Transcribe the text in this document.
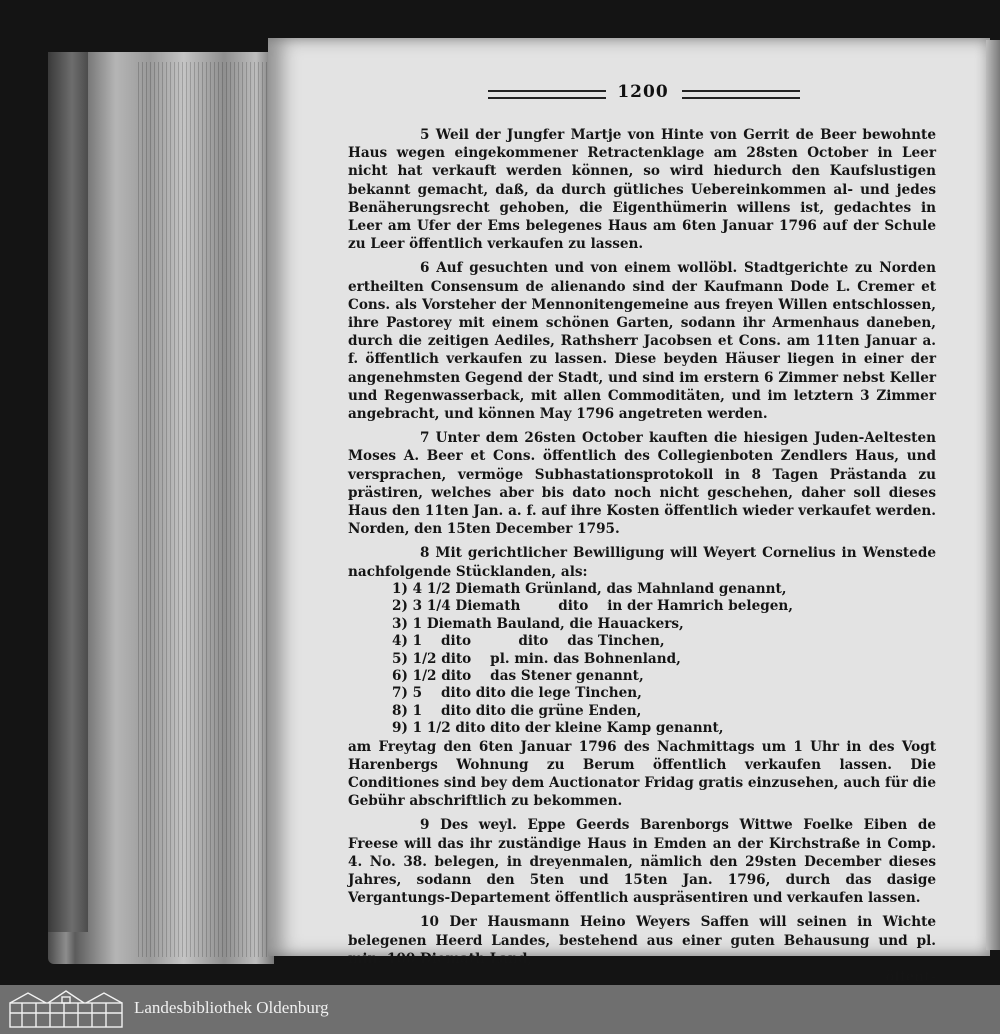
1200

5 Weil der Jungfer Martje von Hinte von Gerrit de Beer bewohnte Haus wegen eingekommener Retractenklage am 28sten October in Leer nicht hat verkauft werden können, so wird hiedurch den Kaufslustigen bekannt gemacht, daß, da durch gütliches Uebereinkommen al- und jedes Benäherungsrecht gehoben, die Eigenthümerin willens ist, gedachtes in Leer am Ufer der Ems belegenes Haus am 6ten Januar 1796 auf der Schule zu Leer öffentlich verkaufen zu lassen.

6 Auf gesuchten und von einem wollöbl. Stadtgerichte zu Norden ertheilten Consensum de alienando sind der Kaufmann Dode L. Cremer et Cons. als Vorsteher der Mennonitengemeine aus freyen Willen entschlossen, ihre Pastorey mit einem schönen Garten, sodann ihr Armenhaus daneben, durch die zeitigen Aediles, Rathsherr Jacobsen et Cons. am 11ten Januar a. f. öffentlich verkaufen zu lassen. Diese beyden Häuser liegen in einer der angenehmsten Gegend der Stadt, und sind im erstern 6 Zimmer nebst Keller und Regenwasserback, mit allen Commoditäten, und im letztern 3 Zimmer angebracht, und können May 1796 angetreten werden.

7 Unter dem 26sten October kauften die hiesigen Juden-Aeltesten Moses A. Beer et Cons. öffentlich des Collegienboten Zendlers Haus, und versprachen, vermöge Subhastationsprotokoll in 8 Tagen Prästanda zu prästiren, welches aber bis dato noch nicht geschehen, daher soll dieses Haus den 11ten Jan. a. f. auf ihre Kosten öffentlich wieder verkaufet werden. Norden, den 15ten December 1795.

8 Mit gerichtlicher Bewilligung will Weyert Cornelius in Wenstede nachfolgende Stücklanden, als:

1) 4 1/2 Diemath Grünland, das Mahnland genannt,
2) 3 1/4 Diemath        dito    in der Hamrich belegen,
3) 1 Diemath Bauland, die Hauackers,
4) 1    dito          dito    das Tinchen,
5) 1/2 dito    pl. min. das Bohnenland,
6) 1/2 dito    das Stener genannt,
7) 5    dito dito die lege Tinchen,
8) 1    dito dito die grüne Enden,
9) 1 1/2 dito dito der kleine Kamp genannt,

am Freytag den 6ten Januar 1796 des Nachmittags um 1 Uhr in des Vogt Harenbergs Wohnung zu Berum öffentlich verkaufen lassen. Die Conditiones sind bey dem Auctionator Fridag gratis einzusehen, auch für die Gebühr abschriftlich zu bekommen.

9 Des weyl. Eppe Geerds Barenborgs Wittwe Foelke Eiben de Freese will das ihr zuständige Haus in Emden an der Kirchstraße in Comp. 4. No. 38. belegen, in dreyenmalen, nämlich den 29sten December dieses Jahres, sodann den 5ten und 15ten Jan. 1796, durch das dasige Vergantungs-Departement öffentlich auspräsentiren und verkaufen lassen.

10 Der Hausmann Heino Weyers Saffen will seinen in Wichte belegenen Heerd Landes, bestehend aus einer guten Behausung und pl. min. 100 Diemath Land,

öffent-

Landesbibliothek Oldenburg
